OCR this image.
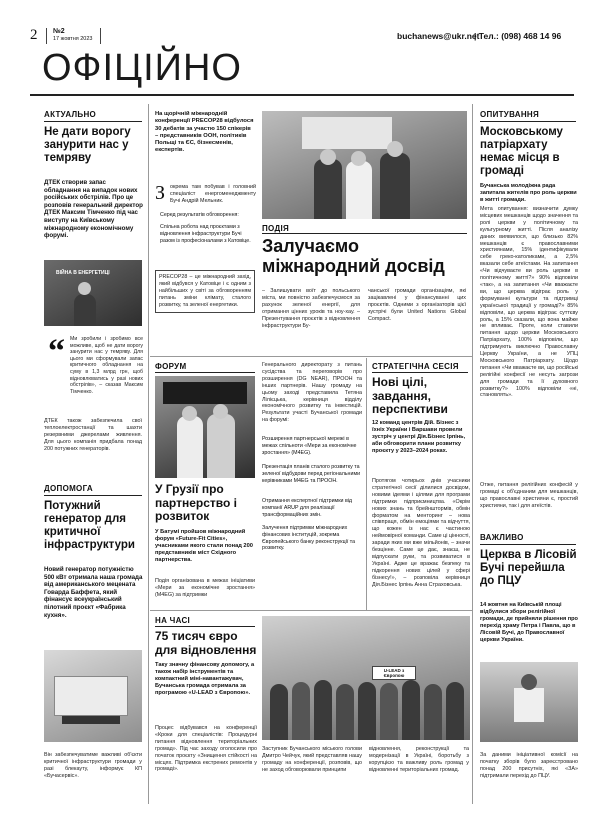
2 №2
17 жовтня 2023	buchanews@ukr.net
| Тел.: (098) 468 14 96
ОФІЦІЙНО
АКТУАЛЬНО
Не дати ворогу занурити нас у темряву
ДТЕК створив запас обладнання на випадок нових російських обстрілів. Про це розповів генеральний директор ДТЕК Максим Тімченко під час виступу на Київському міжнародному економічному форумі.
ВІЙНА В ЕНЕРГЕТИЦІ
“ Ми зробили і зробимо все можливе, щоб не дати ворогу занурити нас у темряву. Для цього ми сформували запас критичного обладнання на суму в 1,3 млрд грн, щоб відновлюватись у разі нових обстрілів», – сказав Максим Тімченко.
ДТЕК також забезпечила свої теплоелектростанції та шахти резервними джерелами живлення. Для цього компанія придбала понад 200 потужних генераторів.
ДОПОМОГА
Потужний генератор для критичної інфраструктури
Новий генератор потужністю 500 кВт отримала наша громада від американського мецената Говарда Баффета, який фінансує всеукраїнський пілотний проєкт «Фабрика кухня».
Він забезпечуватиме важливі об'єкти критичної інфраструктури громади у разі блекауту, інформує КП «Бучасервіс».
На щорічній міжнародній конференції PRECOP28 відбулося 30 дебатів за участю 150 спікерів – представників ООН, політиків Польщі та ЄС, бізнесменів, експертів.
З окрема там побував і головний спеціаліст енергоменеджменту Бучі Андрій Мельник.
Серед результатів обговорення:
Спільна робота над проєктами з відновлення інфраструктури Бучі разом із професіоналами з Катовіце.
PRECOP28 – це міжнародний захід, який відбувся у Катовіце і є одним з найбільших у світі за обговоренням питань зміни клімату, сталого розвитку, та зеленої енергетики.
ПОДІЯ
Залучаємо міжнародний досвід
– Залишувати воїт до польського міста, ми повністю забезпечуємося за рахунок зеленої енергії, для отримання цінних уроків та ноу-хау. – Презентування проєктів з відновлення інфраструктури Бу-
чанської громади організаціям, які зацікавлені у фінансуванні цих проєктів. Одними з організаторів цієї зустрічі були United Nations Global Compact.
ФОРУМ
У Грузії про партнерство і розвиток
У Батумі пройшов міжнародний форум «Future-Fit Cities», учасниками якого стали понад 200 представників міст Східного партнерства.
Подія організована в межах ініціативи «Мери за економічне зростання» (M4EG) за підтримки
Генерального директорату з питань сусідства та переговорів про розширення (DG NEAR), ПРООН та інших партнерів. Нашу громаду на цьому заході представила Тетяна Лілієцька, керівниця відділу економічного розвитку та інвестицій. Результати участі Бучанської громади на форумі:
Розширення партнерської мережі в межах спільноти «Мери за економічне зростання» (M4EG).
Презентація планів сталого розвитку та зеленої відбудови перед регіональними керівниками M4EG та ПРООН.
Отримання експертної підтримки від компанії ARUP для реалізації трансформаційних змін.
Залучення підтримки міжнародних фінансових інституцій, зокрема Європейського банку реконструкції та розвитку.
СТРАТЕГІЧНА СЕСІЯ
Нові цілі, завдання, перспективи
12 команд центрів Дій. Бізнес з їхніх України і Варшави провели зустріч у центрі Дія.Бізнес Ірпінь, аби обговорити плани розвитку проєкту у 2023–2024 роках.
Протягом чотирьох днів учасники стратегічної сесії ділилися досвідом, новими ідеями і цілями для програми підтримки підприємництва. «Окрім нових знань та брейнштормів, обмін форматом на менторинг – нова співпраця, обмін емоціями та відчуття, що кожен із нас є частиною неймовірної команди. Саме ці цінності, заради яких ми вже мільйонів, – значи безцінне. Саме це дає, знаєш, не відпускати руки, та розвиватися в Україні. Адже це вражає безпеку та підкорення нових цілей у сфері бізнесу!», – розповіла керівниця Дія.Бізнес Ірпінь Анна Страховська.
НА ЧАСІ
75 тисяч євро для відновлення
Таку значну фінансову допомогу, а також набір інструментів та компактний міні-навантажувач, Бучанська громада отримала за програмою «U-LEAD з Європою».
Процес відбувався на конференції «Кроки для спеціалістів: Процедурні питання відновлення територіальних громад». Під час заходу оголосили про початок проєкту «Знищення стійкості на місцях. Підтримка екстрених ремонтів у громаді».
U-LEAD з Європою
Заступник Бучанського міського голови Дмитро Чейчук, який представляв нашу громаду на конференції, розповів, що не заход обговорювали принципи
відновлення, реконструкції та модернізації в Україні, боротьбу з корупцією та важливу роль громад у відновленні територіальних громад.
ОПИТУВАННЯ
Московському патріархату немає місця в громаді
Бучанська молодіжна рада запитала жителів про роль церкви в житті громади.
Мета опитування: визначити думку місцевих мешканців щодо значення та ролі церкви у політичному та культурному житті. Після аналізу даних виявилося, що близько 82% мешканців є православними християнами, 15% ідентифікували себе греко-католиками, а 2,5% вказали себе атеїстами. На запитання «Чи відчуваєте ви роль церкви в політичному житті?» 90% відповіли «так», а на запитання «Чи вважаєте ви, що церква відіграє роль у формуванні культури та підтримці української традиції у громаді?» 85% відповіли, що церква відіграє суттєву роль, а 15% сказали, що вона майже не впливає. Проте, коли ставили питання щодо церкви Московського Патріархату, 100% відповіли, що підтримують виключно Православну Церкву України, а не УПЦ Московського Патріархату. Щодо питання «Чи вважаєте ви, що російські релігійні конфесії не несуть загрози для громади та її духовного розвитку?» 100% відповіли «ні, становлять».
Отже, питання релігійних конфесій у громаді є об'єднаним для мешканців, що православні християни є, простий християни, так і для атеїстів.
ВАЖЛИВО
Церква в Лісовій Бучі перейшла до ПЦУ
14 жовтня на Київській площі відбулися збори релігійної громади, де прийняли рішення про перехід храму Петра і Павла, що в Лісовій Бучі, до Православної церкви України.
За даними ініціативної комісії на початку зборів було зареєстровано понад 200 присутніх, які «ЗА» підтримали перехід до ПЦУ.
